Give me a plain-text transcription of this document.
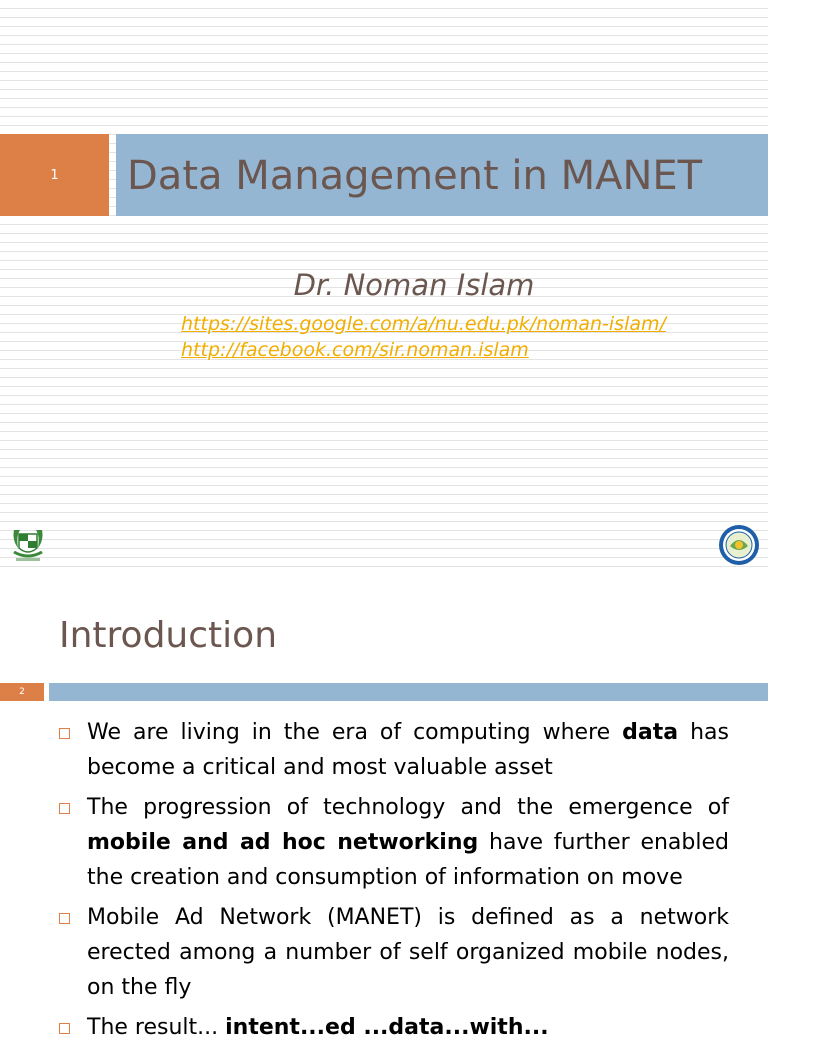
1	Data Management in MANET
Dr. Noman Islam
https://sites.google.com/a/nu.edu.pk/noman-islam/
http://facebook.com/sir.noman.islam
Introduction
2
We are living in the era of computing where data has become a critical and most valuable asset
The progression of technology and the emergence of mobile and ad hoc networking have further enabled the creation and consumption of information on move
Mobile Ad Network (MANET) is defined as a network erected among a number of self organized mobile nodes, on the fly
The result... intent...ed ...data...with...
